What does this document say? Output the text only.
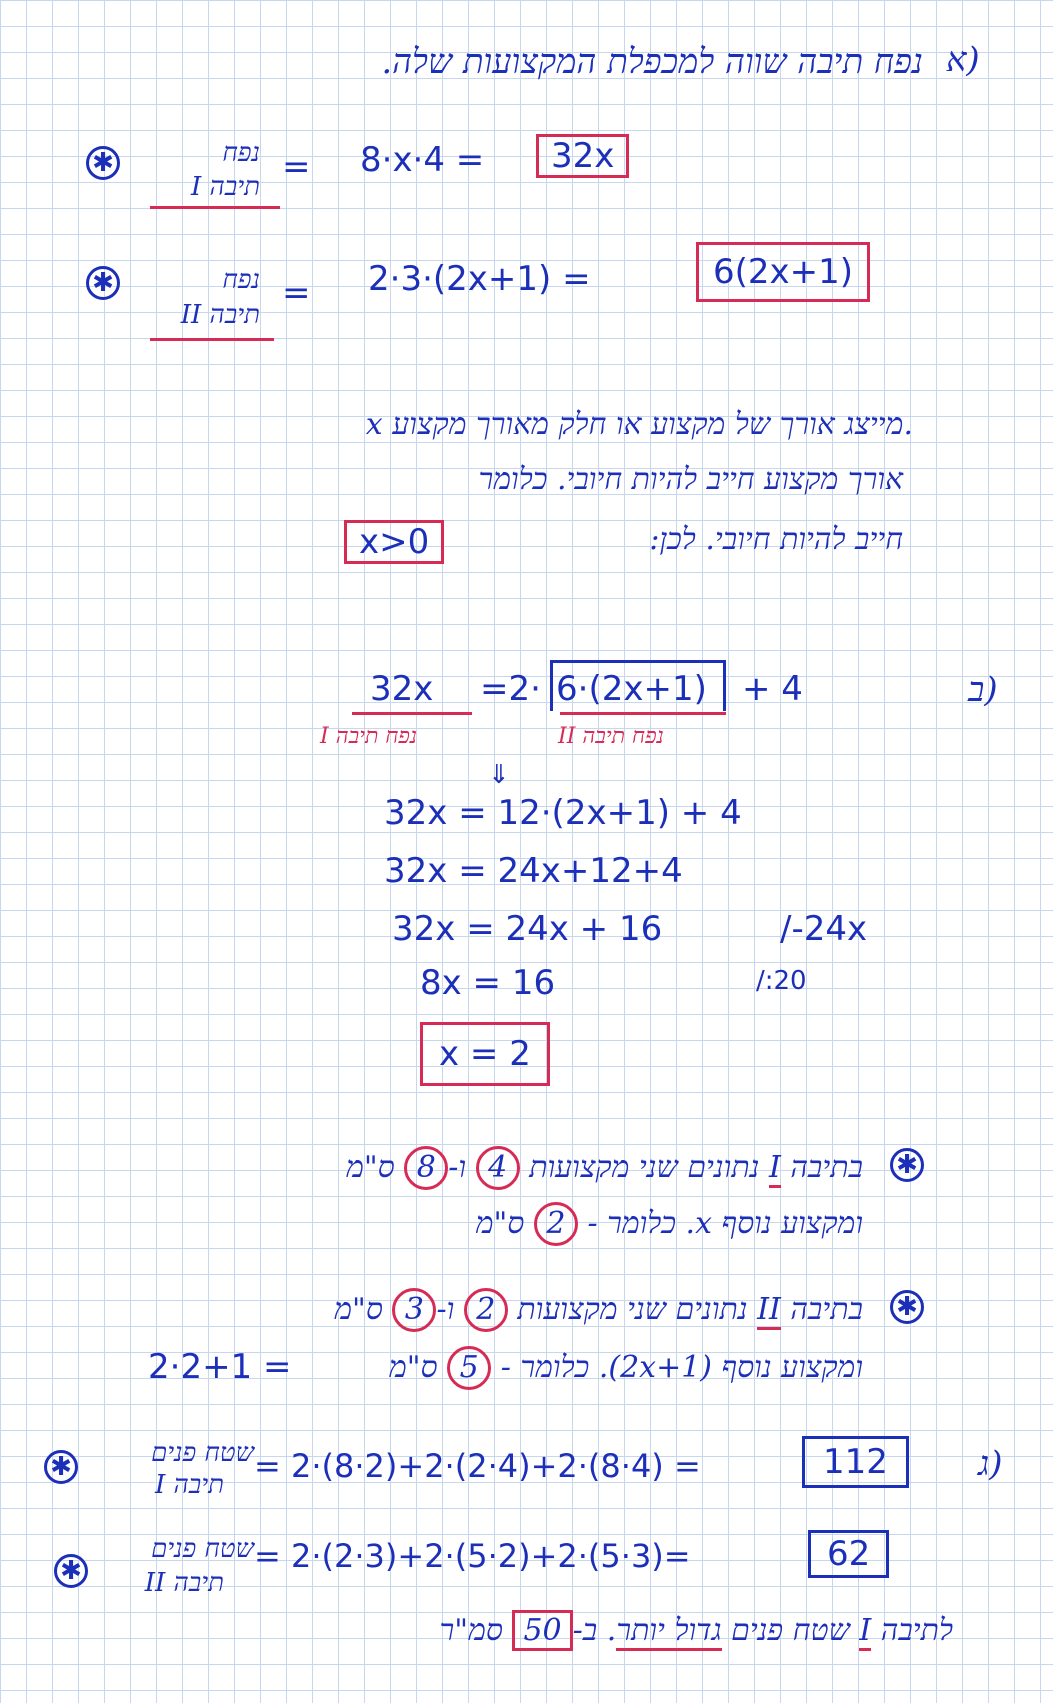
א)
נפח תיבה שווה למכפלת המקצועות שלה.
✱	נפח
תיבה I = 8·x·4 =	32x
✱	נפח
תיבה II
= 2·3·(2x+1) =	6(2x+1)
x מייצג אורך של מקצוע או חלק מאורך מקצוע.
אורך מקצוע חייב להיות חיובי. כלומר
חייב להיות חיובי. לכן:
x>0
ב)
32x =2· 6·(2x+1) + 4
נפח תיבה I	נפח תיבה II
⇓
32x = 12·(2x+1) + 4
32x = 24x+12+4
32x = 24x + 16	/-24x
8x = 16	/:20
x = 2
✱
בתיבה I נתונים שני מקצועות 4 ו-8 ס"מ
ומקצוע נוסף x. כלומר - 2 ס"מ
✱
בתיבה II נתונים שני מקצועות 2 ו-3 ס"מ
2·2+1 =	ומקצוע נוסף (2x+1). כלומר - 5 ס"מ
ג)
✱	שטח פנים
תיבה I = 2·(8·2)+2·(2·4)+2·(8·4) =	112
✱
שטח פנים
תיבה II
= 2·(2·3)+2·(5·2)+2·(5·3)=	62
לתיבה I שטח פנים גדול יותר. ב-50 סמ"ר
